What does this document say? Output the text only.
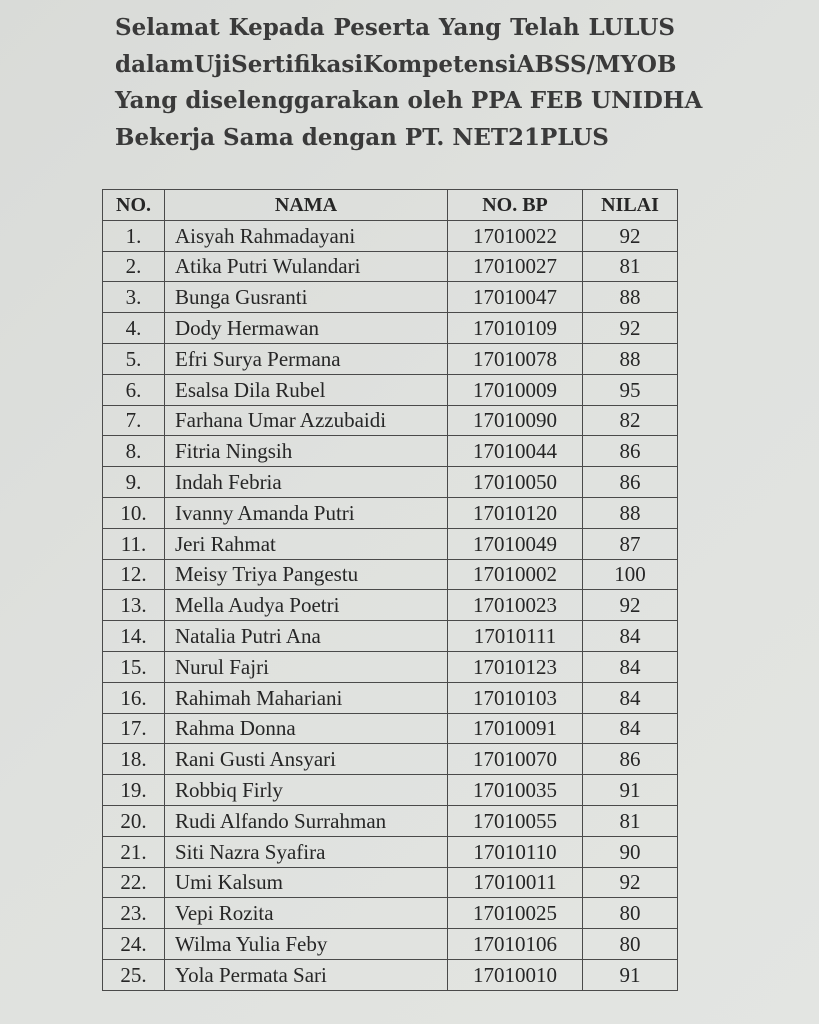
Selamat Kepada Peserta Yang Telah LULUS
dalam Uji Sertifikasi Kompetensi ABSS/MYOB
Yang diselenggarakan oleh PPA FEB UNIDHA
Bekerja Sama dengan PT. NET21PLUS
NO.	NAMA	NO. BP	NILAI
1.	Aisyah Rahmadayani	17010022	92
2.	Atika Putri Wulandari	17010027	81
3.	Bunga Gusranti	17010047	88
4.	Dody Hermawan	17010109	92
5.	Efri Surya Permana	17010078	88
6.	Esalsa Dila Rubel	17010009	95
7.	Farhana Umar Azzubaidi	17010090	82
8.	Fitria Ningsih	17010044	86
9.	Indah Febria	17010050	86
10.	Ivanny Amanda Putri	17010120	88
11.	Jeri Rahmat	17010049	87
12.	Meisy Triya Pangestu	17010002	100
13.	Mella Audya Poetri	17010023	92
14.	Natalia Putri Ana	17010111	84
15.	Nurul Fajri	17010123	84
16.	Rahimah Mahariani	17010103	84
17.	Rahma Donna	17010091	84
18.	Rani Gusti Ansyari	17010070	86
19.	Robbiq Firly	17010035	91
20.	Rudi Alfando Surrahman	17010055	81
21.	Siti Nazra Syafira	17010110	90
22.	Umi Kalsum	17010011	92
23.	Vepi Rozita	17010025	80
24.	Wilma Yulia Feby	17010106	80
25.	Yola Permata Sari	17010010	91
